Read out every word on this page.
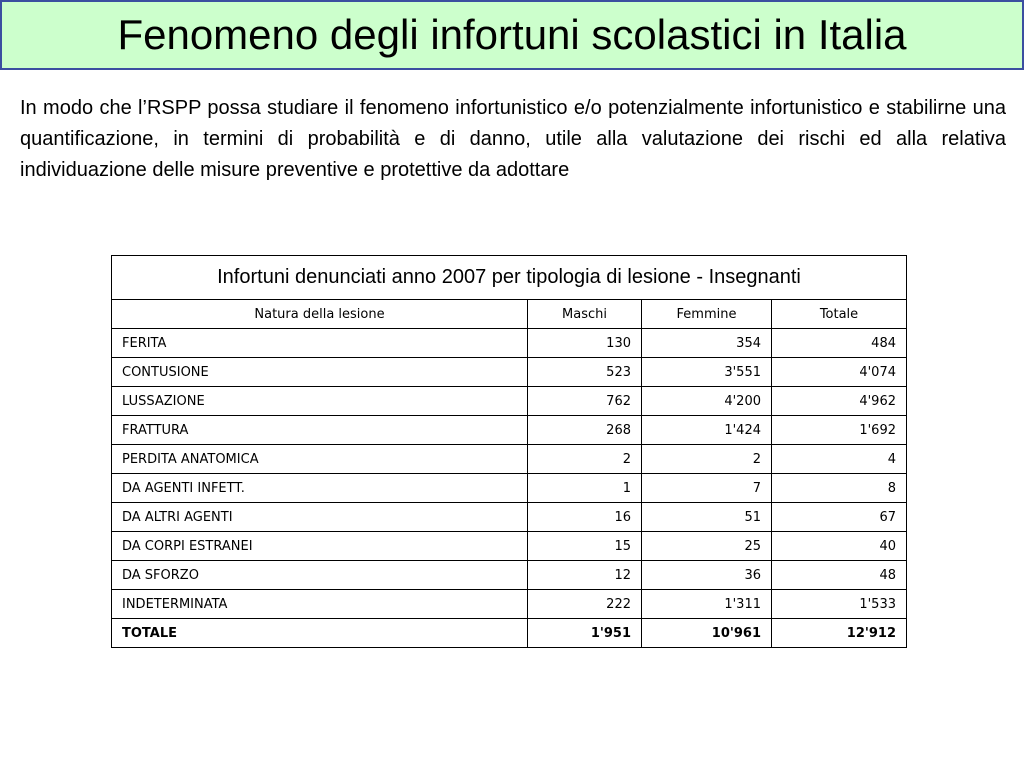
Fenomeno degli infortuni scolastici in Italia

In modo che l’RSPP possa studiare il fenomeno infortunistico e/o potenzialmente infortunistico e stabilirne una quantificazione, in termini di probabilità e di danno, utile alla valutazione dei rischi ed alla relativa individuazione delle misure preventive e protettive da adottare

Infortuni denunciati anno 2007 per tipologia di lesione - Insegnanti			
Natura della lesione	Maschi	Femmine	Totale
FERITA	130	354	484
CONTUSIONE	523	3'551	4'074
LUSSAZIONE	762	4'200	4'962
FRATTURA	268	1'424	1'692
PERDITA ANATOMICA	2	2	4
DA AGENTI INFETT.	1	7	8
DA ALTRI AGENTI	16	51	67
DA CORPI ESTRANEI	15	25	40
DA SFORZO	12	36	48
INDETERMINATA	222	1'311	1'533
TOTALE	1'951	10'961	12'912
